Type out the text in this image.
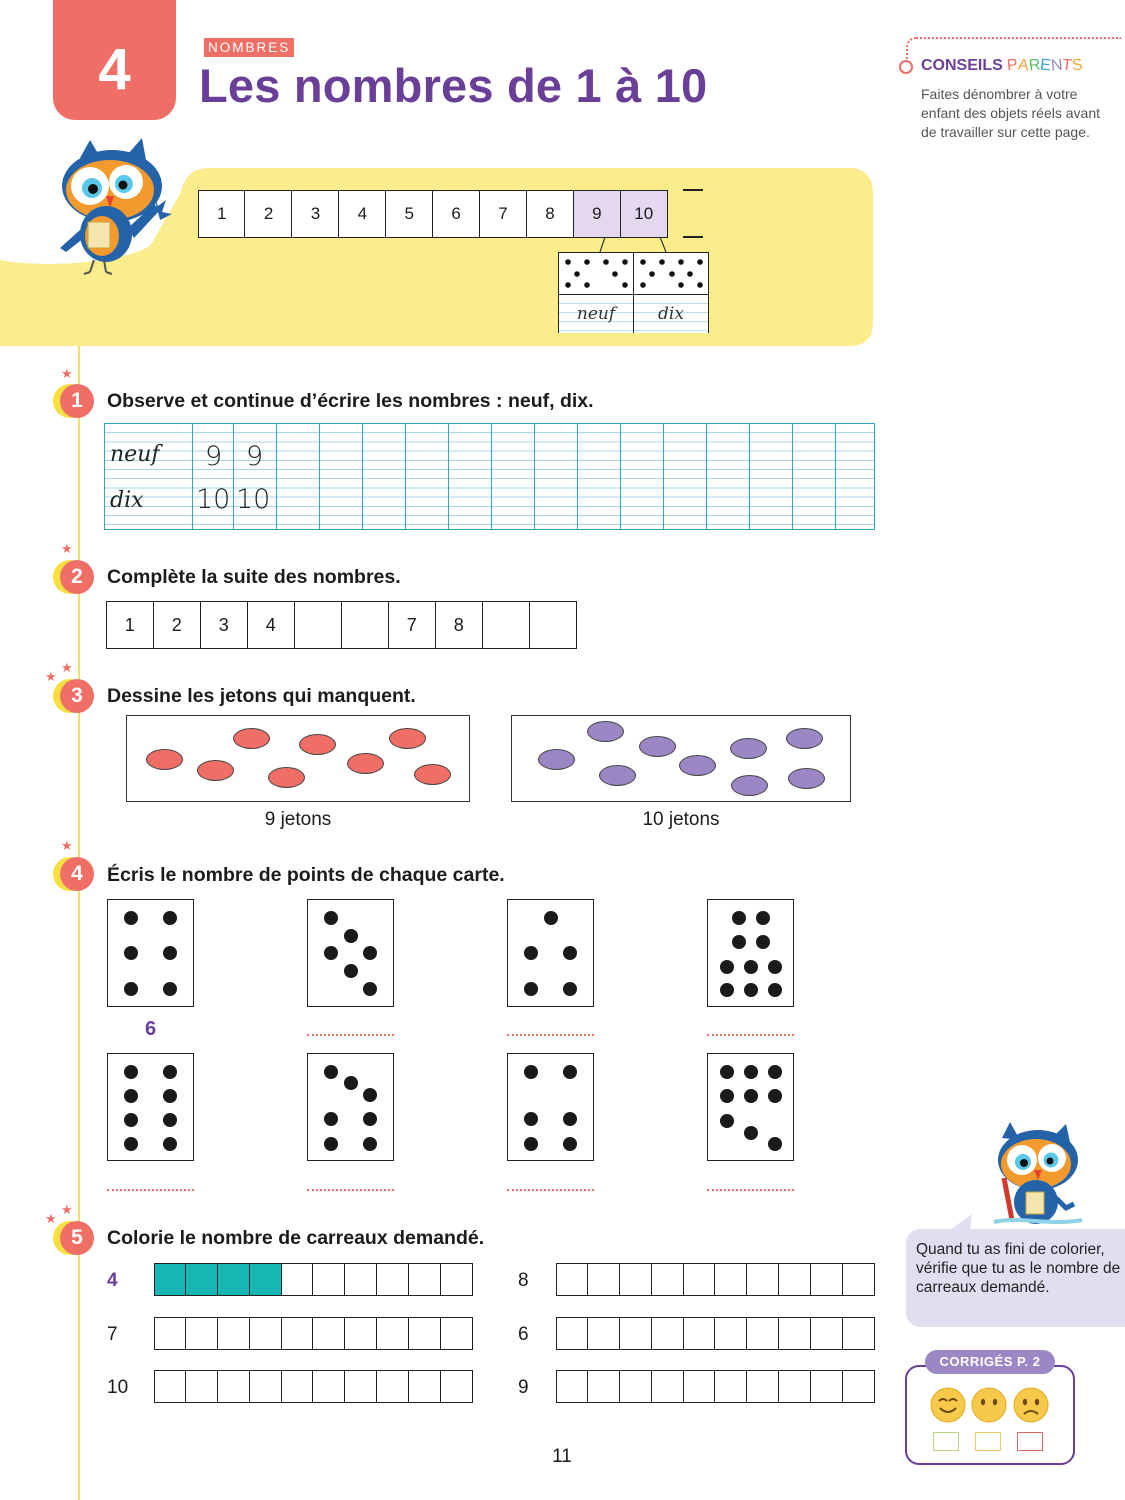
4	NOMBRES
Les nombres de 1 à 10	CONSEILS PARENTS
Faites dénombrer à votre enfant des objets réels avant de travailler sur cette page.
1	2	3	4	5	6	7	8	9	10
neuf	dix
★
1	Observe et continue d’écrire les nombres : neuf, dix.
neuf 9 9
dix 10 10
★
2	Complète la suite des nombres.
1	2	3	4	7	8
★
★
3	Dessine les jetons qui manquent.
9 jetons	10 jetons
★
4	Écris le nombre de points de chaque carte.
6
★
★
5	Colorie le nombre de carreaux demandé.
4
7
10
8
6
9
Quand tu as fini de colorier, vérifie que tu as le nombre de carreaux demandé.
CORRIGÉS P. 2
11
